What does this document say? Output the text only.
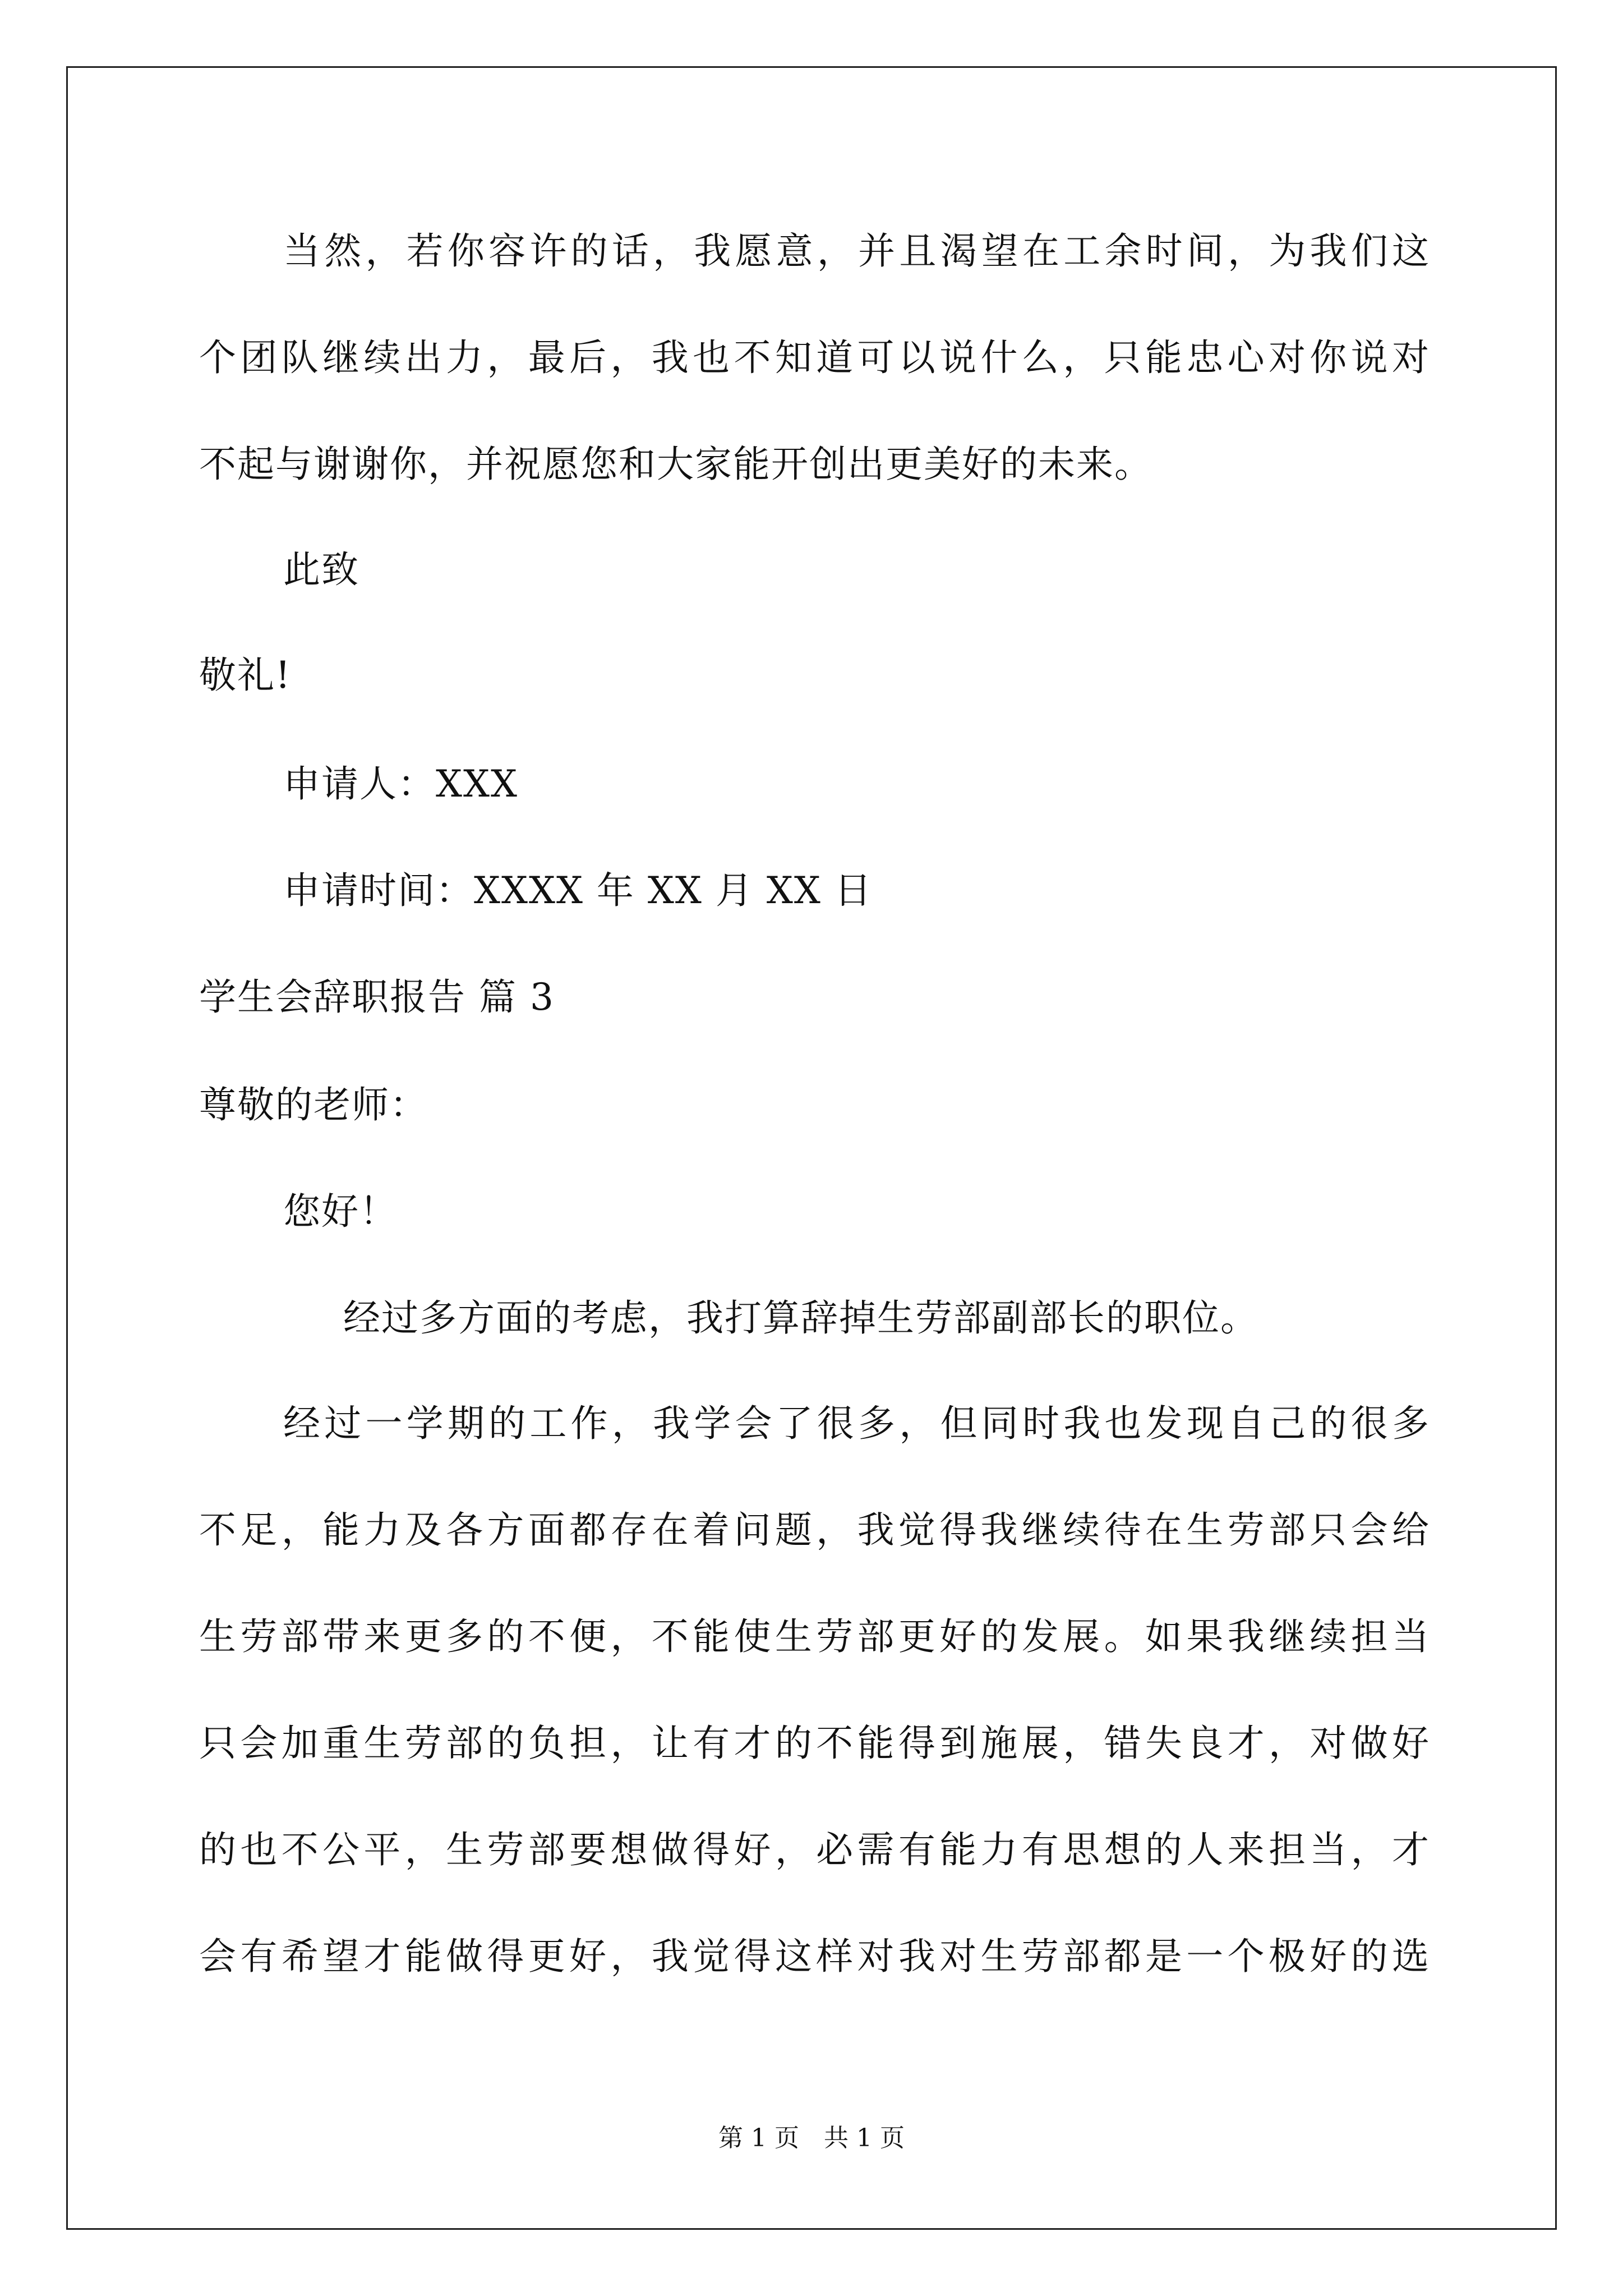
当然，若你容许的话，我愿意，并且渴望在工余时间，为我们这
个团队继续出力，最后，我也不知道可以说什么，只能忠心对你说对
不起与谢谢你，并祝愿您和大家能开创出更美好的未来。
此致
敬礼!
申请人：XXX
申请时间：XXXX 年 XX 月 XX 日
学生会辞职报告 篇 3
尊敬的老师：
您好！
经过多方面的考虑，我打算辞掉生劳部副部长的职位。
经过一学期的工作，我学会了很多，但同时我也发现自己的很多
不足，能力及各方面都存在着问题，我觉得我继续待在生劳部只会给
生劳部带来更多的不便，不能使生劳部更好的发展。如果我继续担当
只会加重生劳部的负担，让有才的不能得到施展，错失良才，对做好
的也不公平，生劳部要想做得好，必需有能力有思想的人来担当，才
会有希望才能做得更好，我觉得这样对我对生劳部都是一个极好的选
第 1 页　共 1 页
